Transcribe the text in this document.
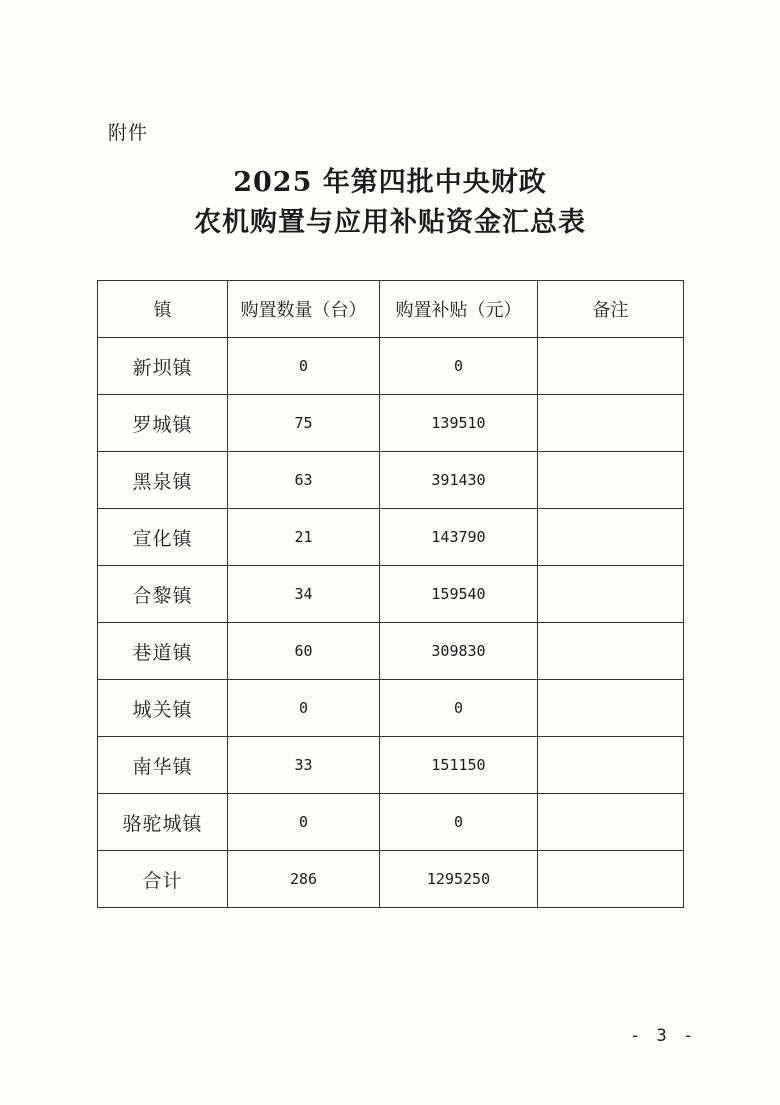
附件
2025 年第四批中央财政
农机购置与应用补贴资金汇总表
镇	购置数量（台）	购置补贴（元）	备注
新坝镇	0	0	
罗城镇	75	139510	
黑泉镇	63	391430	
宣化镇	21	143790	
合黎镇	34	159540	
巷道镇	60	309830	
城关镇	0	0	
南华镇	33	151150	
骆驼城镇	0	0	
合计	286	1295250	
- 3 -
